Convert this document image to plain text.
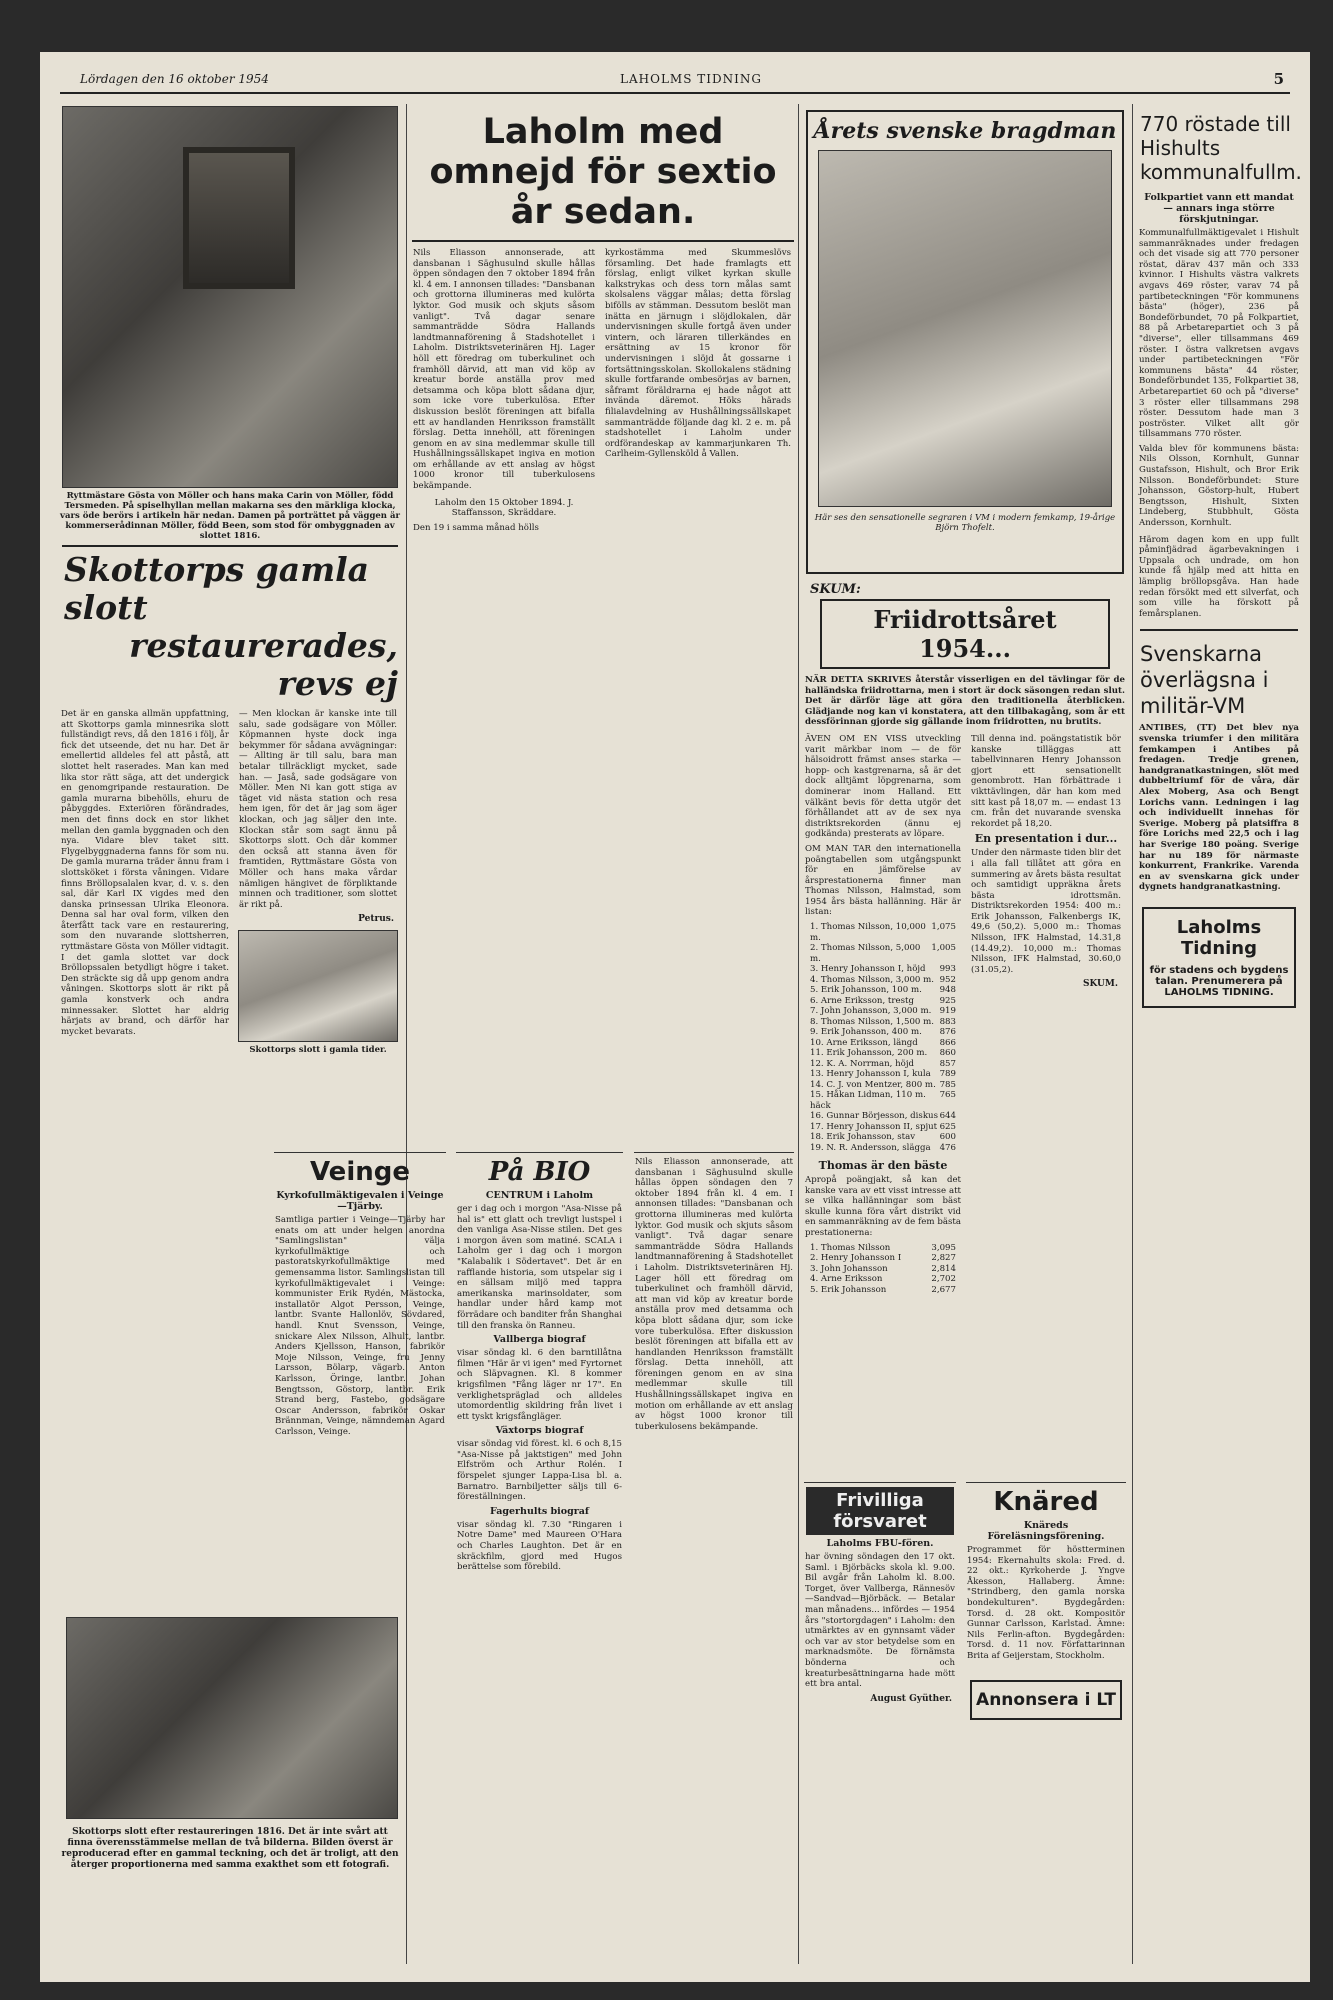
Lördagen den 16 oktober 1954	LAHOLMS TIDNING	5
Ryttmästare Gösta von Möller och hans maka Carin von Möller, född Tersmeden. På spiselhyllan mellan makarna ses den märkliga klocka, vars öde berörs i artikeln här nedan. Damen på porträttet på väggen är kommerserådinnan Möller, född Been, som stod för ombyggnaden av slottet 1816.
Skottorps gamla slott
restaurerades, revs ej
Det är en ganska allmän uppfattning, att Skottorps gamla minnesrika slott fullständigt revs, då den 1816 i följ, år fick det utseende, det nu har. Det är emellertid alldeles fel att påstå, att slottet helt raserades. Man kan med lika stor rätt säga, att det undergick en genomgripande restauration. De gamla murarna bibehölls, ehuru de påbyggdes. Exteriören förändrades, men det finns dock en stor likhet mellan den gamla byggnaden och den nya. Vidare blev taket sitt. Flygelbyggnaderna fanns för som nu. De gamla murarna träder ännu fram i slottsköket i första våningen. Vidare finns Bröllopsalalen kvar, d. v. s. den sal, där Karl IX vigdes med den danska prinsessan Ulrika Eleonora. Denna sal har oval form, vilken den återfått tack vare en restaurering, som den nuvarande slottsherren, ryttmästare Gösta von Möller vidtagit. I det gamla slottet var dock Bröllopssalen betydligt högre i taket. Den sträckte sig då upp genom andra våningen. Skottorps slott är rikt på gamla konstverk och andra minnessaker. Slottet har aldrig härjats av brand, och därför har mycket bevarats.
— Men klockan är kanske inte till salu, sade godsägare von Möller. Köpmannen hyste dock inga bekymmer för sådana avvägningar: — Allting är till salu, bara man betalar tillräckligt mycket, sade han. — Jaså, sade godsägare von Möller. Men Ni kan gott stiga av täget vid nästa station och resa hem igen, för det är jag som äger klockan, och jag säljer den inte. Klockan står som sagt ännu på Skottorps slott. Och där kommer den också att stanna även för framtiden, Ryttmästare Gösta von Möller och hans maka vårdar nämligen hängivet de förpliktande minnen och traditioner, som slottet är rikt på.
Petrus.
Skottorps slott i gamla tider.
Skottorps slott efter restaureringen 1816. Det är inte svårt att finna överensstämmelse mellan de två bilderna. Bilden överst är reproducerad efter en gammal teckning, och det är troligt, att den återger proportionerna med samma exakthet som ett fotografi.
Laholm med omnejd för sextio år sedan.
Nils Eliasson annonserade, att dansbanan i Säghusulnd skulle hållas öppen söndagen den 7 oktober 1894 från kl. 4 em. I annonsen tillades: "Dansbanan och grottorna illumineras med kulörta lyktor. God musik och skjuts såsom vanligt". Två dagar senare sammanträdde Södra Hallands landtmannaförening å Stadshotellet i Laholm. Distriktsveterinären Hj. Lager höll ett föredrag om tuberkulinet och framhöll därvid, att man vid köp av kreatur borde anställa prov med detsamma och köpa blott sådana djur, som icke vore tuberkulösa. Efter diskussion beslöt föreningen att bifalla ett av handlanden Henriksson framställt förslag. Detta innehöll, att föreningen genom en av sina medlemmar skulle till Hushållningssällskapet ingiva en motion om erhållande av ett anslag av högst 1000 kronor till tuberkulosens bekämpande.
Laholm den 15 Oktober 1894. J. Staffansson, Skräddare.
Den 19 i samma månad hölls
kyrkostämma med Skummeslövs församling. Det hade framlagts ett förslag, enligt vilket kyrkan skulle kalkstrykas och dess torn målas samt skolsalens väggar målas; detta förslag bifölls av stämman. Dessutom beslöt man inätta en järnugn i slöjdlokalen, där undervisningen skulle fortgå även under vintern, och läraren tillerkändes en ersättning av 15 kronor för undervisningen i slöjd åt gossarne i fortsättningsskolan. Skollokalens städning skulle fortfarande ombesörjas av barnen, såframt föräldrarna ej hade något att invända däremot. Höks härads filialavdelning av Hushållningssällskapet sammanträdde följande dag kl. 2 e. m. på stadshotellet i Laholm under ordförandeskap av kammarjunkaren Th. Carlheim-Gyllensköld å Vallen.
Veinge
Kyrkofullmäktigevalen i Veinge—Tjärby.
Samtliga partier i Veinge—Tjärby har enats om att under helgen anordna "Samlingslistan" välja kyrkofullmäktige och pastoratskyrkofullmäktige med gemensamma listor. Samlingslistan till kyrkofullmäktigevalet i Veinge: kommunister Erik Rydén, Mästocka, installatör Algot Persson, Veinge, lantbr. Svante Hallonlöv, Sövdared, handl. Knut Svensson, Veinge, snickare Alex Nilsson, Alhult, lantbr. Anders Kjellsson, Hanson, fabrikör Moje Nilsson, Veinge, fru Jenny Larsson, Bölarp, vägarb. Anton Karlsson, Öringe, lantbr. Johan Bengtsson, Göstorp, lantbr. Erik Strand berg, Fastebo, godsägare Oscar Andersson, fabrikör Oskar Brännman, Veinge, nämndeman Agard Carlsson, Veinge.
På BIO
CENTRUM i Laholm
ger i dag och i morgon "Asa-Nisse på hal is" ett glatt och trevligt lustspel i den vanliga Asa-Nisse stilen. Det ges i morgon även som matiné. SCALA i Laholm ger i dag och i morgon "Kalabalik i Södertavet". Det är en rafflande historia, som utspelar sig i en sällsam miljö med tappra amerikanska marinsoldater, som handlar under hård kamp mot förrädare och banditer från Shanghai till den franska ön Ranneu.
Vallberga biograf
visar söndag kl. 6 den barntillåtna filmen "Här är vi igen" med Fyrtornet och Släpvagnen. Kl. 8 kommer krigsfilmen "Fång läger nr 17". En verklighetspräglad och alldeles utomordentlig skildring från livet i ett tyskt krigsfångläger.
Växtorps biograf
visar söndag vid förest. kl. 6 och 8,15 "Asa-Nisse på jaktstigen" med John Elfström och Arthur Rolén. I förspelet sjunger Lappa-Lisa bl. a. Barnatro. Barnbiljetter säljs till 6-föreställningen.
Fagerhults biograf
visar söndag kl. 7.30 "Ringaren i Notre Dame" med Maureen O'Hara och Charles Laughton. Det är en skräckfilm, gjord med Hugos berättelse som förebild.
Nils Eliasson annonserade, att dansbanan i Säghusulnd skulle hållas öppen söndagen den 7 oktober 1894 från kl. 4 em. I annonsen tillades: "Dansbanan och grottorna illumineras med kulörta lyktor. God musik och skjuts såsom vanligt". Två dagar senare sammanträdde Södra Hallands landtmannaförening å Stadshotellet i Laholm. Distriktsveterinären Hj. Lager höll ett föredrag om tuberkulinet och framhöll därvid, att man vid köp av kreatur borde anställa prov med detsamma och köpa blott sådana djur, som icke vore tuberkulösa. Efter diskussion beslöt föreningen att bifalla ett av handlanden Henriksson framställt förslag. Detta innehöll, att föreningen genom en av sina medlemmar skulle till Hushållningssällskapet ingiva en motion om erhållande av ett anslag av högst 1000 kronor till tuberkulosens bekämpande.
Årets svenske bragdman
Här ses den sensationelle segraren i VM i modern femkamp, 19-årige Björn Thofelt.
SKUM:
Friidrottsåret 1954...
NÄR DETTA SKRIVES återstår visserligen en del tävlingar för de halländska friidrottarna, men i stort är dock säsongen redan slut. Det är därför läge att göra den traditionella återblicken. Glädjande nog kan vi konstatera, att den tillbakagång, som år ett dessförinnan gjorde sig gällande inom friidrotten, nu brutits.
ÄVEN OM EN VISS utveckling varit märkbar inom — de för hälsoidrott främst anses starka — hopp- och kastgrenarna, så är det dock alltjämt löpgrenarna, som dominerar inom Halland. Ett välkänt bevis för detta utgör det förhållandet att av de sex nya distriktsrekorden (ännu ej godkända) presterats av löpare.
OM MAN TAR den internationella poängtabellen som utgångspunkt för en jämförelse av årsprestationerna finner man Thomas Nilsson, Halmstad, som 1954 års bästa hallänning. Här är listan:
1. Thomas Nilsson, 10,000 m.
1,075
2. Thomas Nilsson, 5,000 m.
1,005
3. Henry Johansson I, höjd 993
4. Thomas Nilsson, 3,000 m. 952
5. Erik Johansson, 100 m. 948
6. Arne Eriksson, trestg	925
7. John Johansson, 3,000 m. 919
8. Thomas Nilsson, 1,500 m. 883
9. Erik Johansson, 400 m. 876
10. Arne Eriksson, längd	866
11. Erik Johansson, 200 m. 860
12. K. A. Norrman, höjd	857
13. Henry Johansson I, kula 789
14. C. J. von Mentzer, 800 m. 785
15. Håkan Lidman, 110 m. häck
765
16. Gunnar Börjesson, diskus 644
17. Henry Johansson II, spjut 625
18. Erik Johansson, stav	600
19. N. R. Andersson, slägga 476
Thomas är den bäste
Apropå poängjakt, så kan det kanske vara av ett visst intresse att se vilka hallänningar som bäst skulle kunna föra vårt distrikt vid en sammanräkning av de fem bästa prestationerna:
1. Thomas Nilsson	3,095
2. Henry Johansson I	2,827
3. John Johansson	2,814
4. Arne Eriksson	2,702
5. Erik Johansson	2,677
Till denna ind. poängstatistik bör kanske tilläggas att tabellvinnaren Henry Johansson gjort ett sensationellt genombrott. Han förbättrade i vikttävlingen, där han kom med sitt kast på 18,07 m. — endast 13 cm. från det nuvarande svenska rekordet på 18,20.
En presentation i dur...
Under den närmaste tiden blir det i alla fall tillåtet att göra en summering av årets bästa resultat och samtidigt uppräkna årets bästa idrottsmän. Distriktsrekorden 1954: 400 m.: Erik Johansson, Falkenbergs IK, 49,6 (50,2). 5,000 m.: Thomas Nilsson, IFK Halmstad, 14.31,8 (14.49,2). 10,000 m.: Thomas Nilsson, IFK Halmstad, 30.60,0 (31.05,2).
SKUM.
Frivilliga försvaret
Laholms FBU-fören.
har övning söndagen den 17 okt. Saml. i Björbäcks skola kl. 9.00. Bil avgår från Laholm kl. 8.00. Torget, över Vallberga, Rännesöv—Sandvad—Björbäck. — Betalar man månadens... infördes — 1954 års "stortorgdagen" i Laholm: den utmärktes av en gynnsamt väder och var av stor betydelse som en marknadsmöte. De förnämsta bönderna och kreaturbesättningarna hade mött ett bra antal.
August Gyüther.
Knäred
Knäreds Föreläsningsförening.
Programmet för höstterminen 1954: Ekernahults skola: Fred. d. 22 okt.: Kyrkoherde J. Yngve Åkesson, Hallaberg. Ämne: "Strindberg, den gamla norska bondekulturen". Bygdegården: Torsd. d. 28 okt. Kompositör Gunnar Carlsson, Karlstad. Ämne: Nils Ferlin-afton. Bygdegården: Torsd. d. 11 nov. Författarinnan Brita af Geijerstam, Stockholm.
Annonsera i LT
770 röstade till Hishults kommunalfullm.
Folkpartiet vann ett mandat — annars inga större förskjutningar.
Kommunalfullmäktigevalet i Hishult sammanräknades under fredagen och det visade sig att 770 personer röstat, därav 437 män och 333 kvinnor. I Hishults västra valkrets avgavs 469 röster, varav 74 på partibeteckningen "För kommunens bästa" (höger), 236 på Bondeförbundet, 70 på Folkpartiet, 88 på Arbetarepartiet och 3 på "diverse", eller tillsammans 469 röster. I östra valkretsen avgavs under partibeteckningen "För kommunens bästa" 44 röster, Bondeförbundet 135, Folkpartiet 38, Arbetarepartiet 60 och på "diverse" 3 röster eller tillsammans 298 röster. Dessutom hade man 3 poströster. Vilket allt gör tillsammans 770 röster.
Valda blev för kommunens bästa: Nils Olsson, Kornhult, Gunnar Gustafsson, Hishult, och Bror Erik Nilsson. Bondeförbundet: Sture Johansson, Göstorp-hult, Hubert Bengtsson, Hishult, Sixten Lindeberg, Stubbhult, Gösta Andersson, Kornhult.
Härom dagen kom en upp fullt påminfjädrad ägarbevakningen i Uppsala och undrade, om hon kunde få hjälp med att hitta en lämplig bröllopsgåva. Han hade redan försökt med ett silverfat, och som ville ha förskott på femårsplanen.
Svenskarna överlägsna i militär-VM
ANTIBES, (TT) Det blev nya svenska triumfer i den militära femkampen i Antibes på fredagen. Tredje grenen, handgranatkastningen, slöt med dubbeltriumf för de våra, där Alex Moberg, Asa och Bengt Lorichs vann. Ledningen i lag och individuellt innehas för Sverige. Moberg på platsiffra 8 före Lorichs med 22,5 och i lag har Sverige 180 poäng. Sverige har nu 189 för närmaste konkurrent, Frankrike. Varenda en av svenskarna gick under dygnets handgranatkastning.
Laholms Tidning
för stadens och bygdens talan. Prenumerera på LAHOLMS TIDNING.
